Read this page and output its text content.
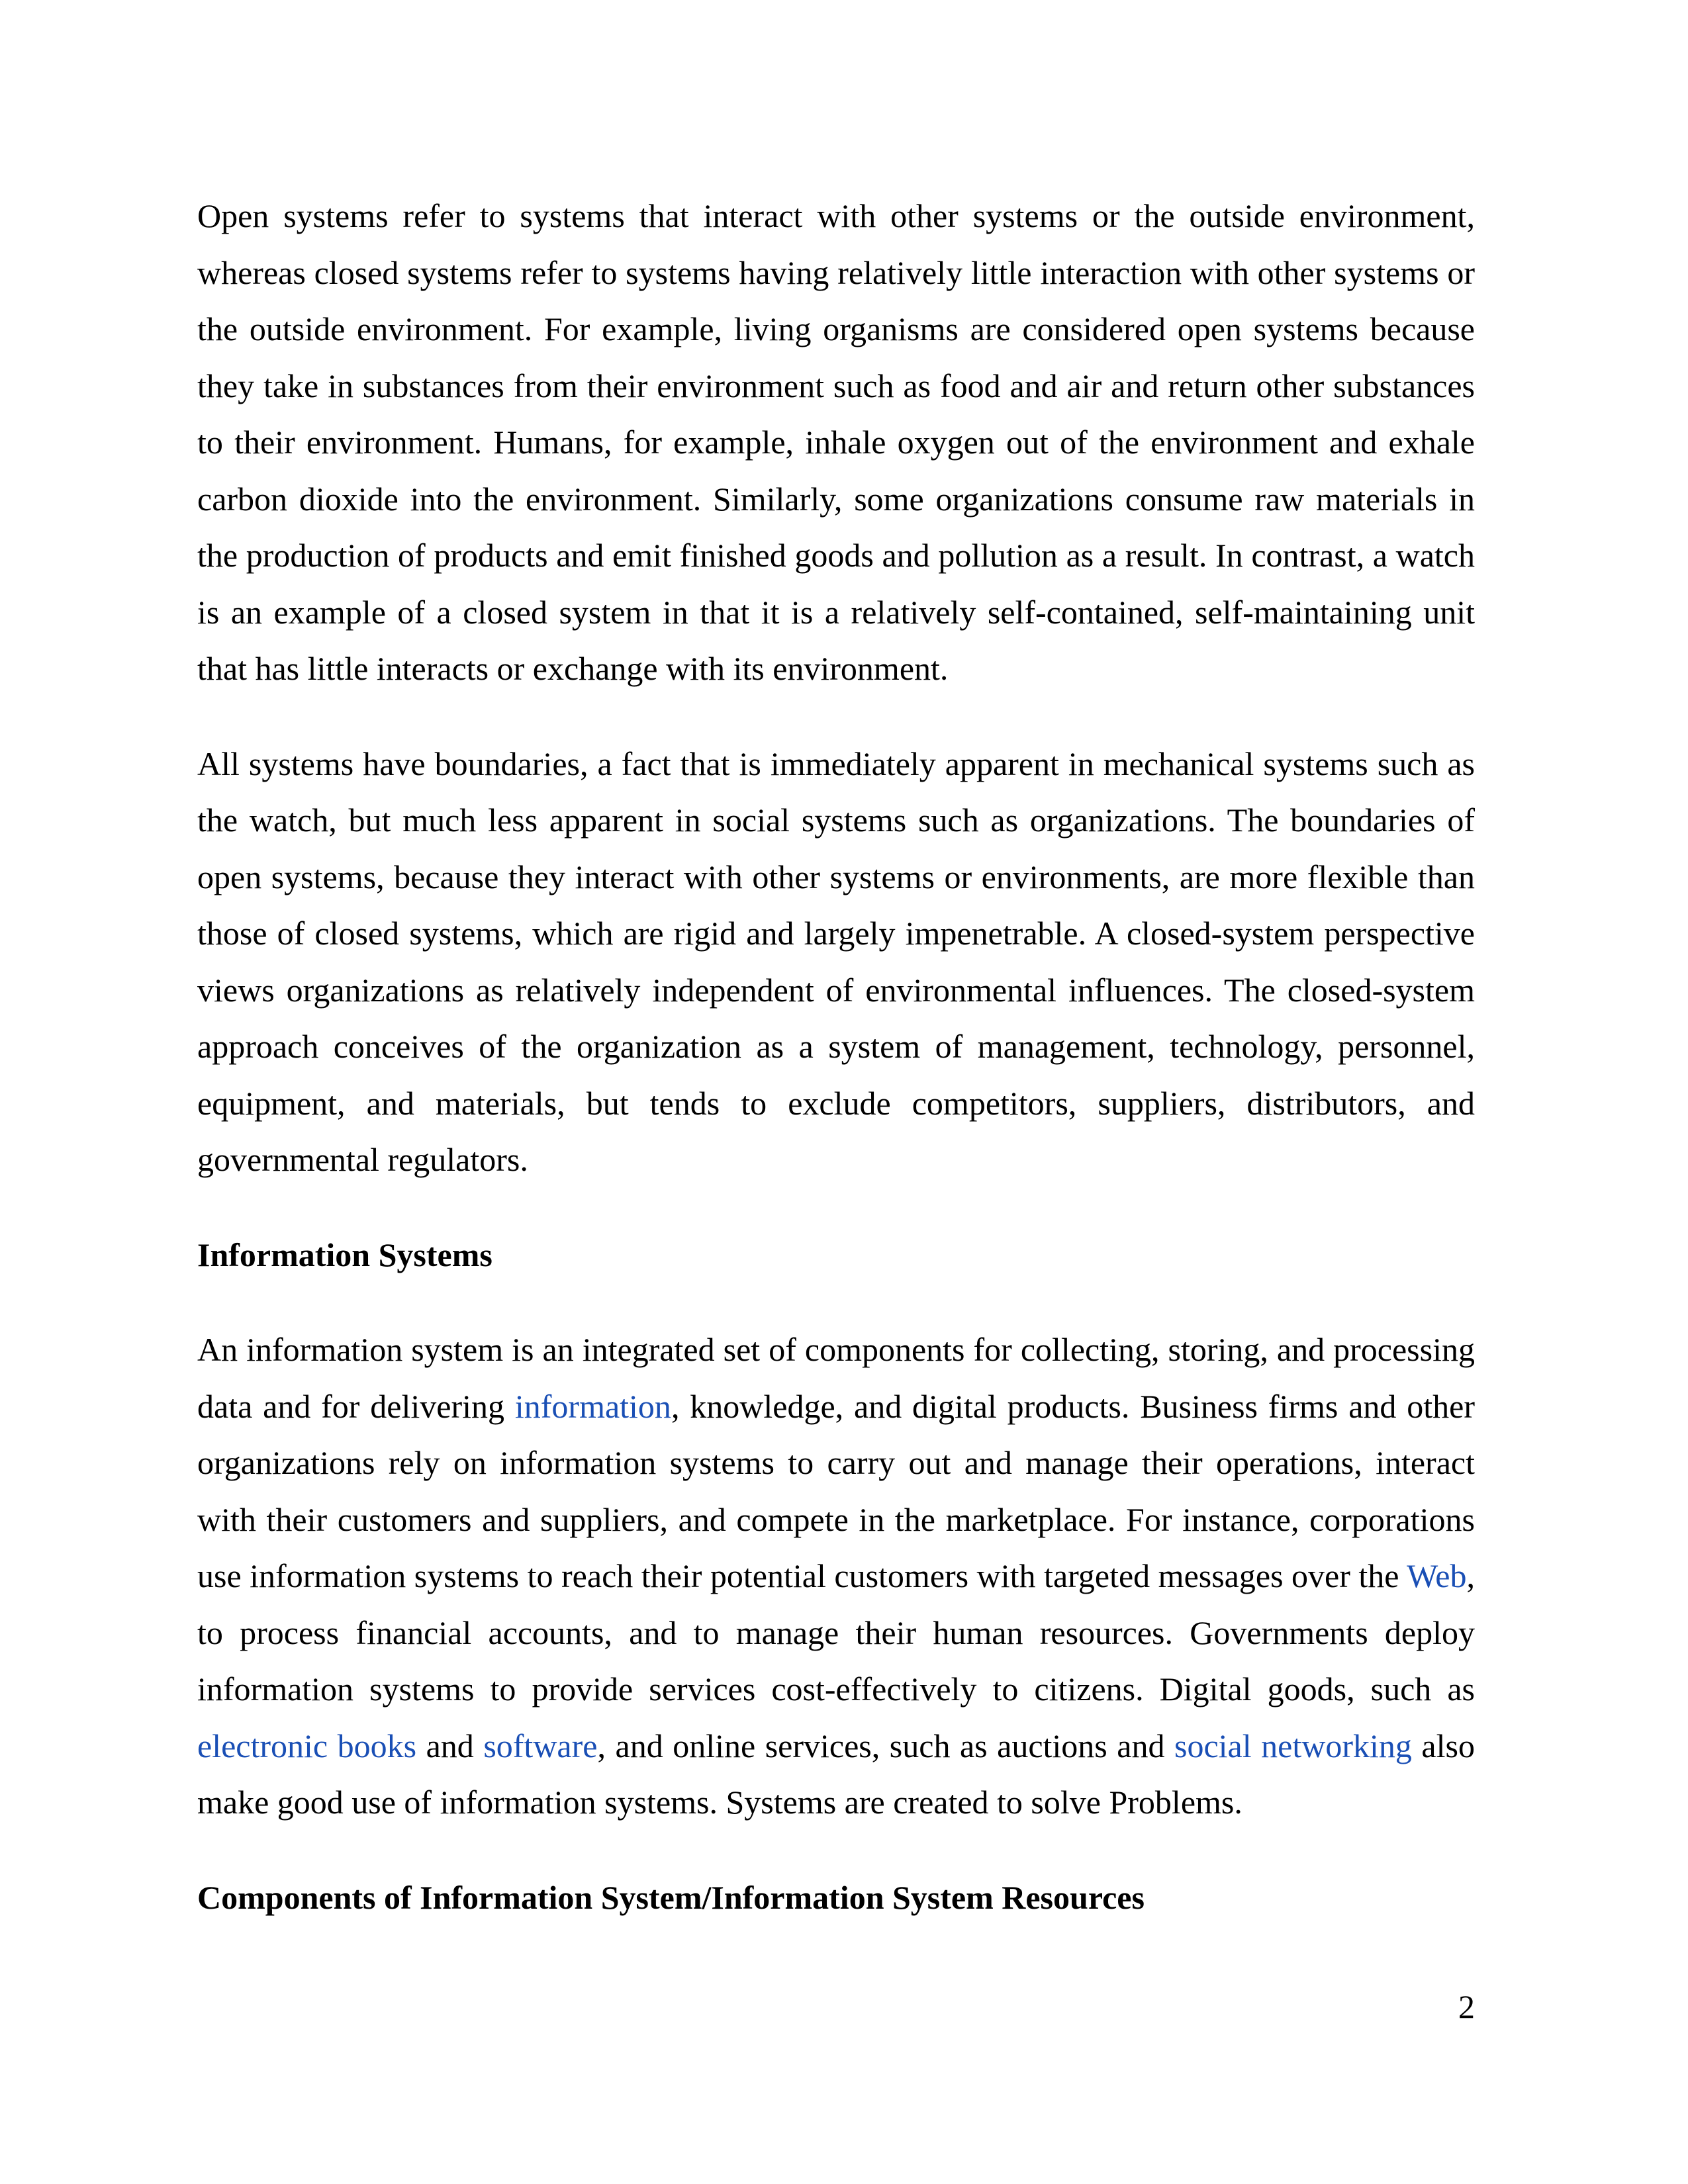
Open systems refer to systems that interact with other systems or the outside environment, whereas closed systems refer to systems having relatively little interaction with other systems or the outside environment. For example, living organisms are considered open systems because they take in substances from their environment such as food and air and return other substances to their environment. Humans, for example, inhale oxygen out of the environment and exhale carbon dioxide into the environment. Similarly, some organizations consume raw materials in the production of products and emit finished goods and pollution as a result. In contrast, a watch is an example of a closed system in that it is a relatively self-contained, self-maintaining unit that has little interacts or exchange with its environment.

All systems have boundaries, a fact that is immediately apparent in mechanical systems such as the watch, but much less apparent in social systems such as organizations. The boundaries of open systems, because they interact with other systems or environments, are more flexible than those of closed systems, which are rigid and largely impenetrable. A closed-system perspective views organizations as relatively independent of environmental influences. The closed-system approach conceives of the organization as a system of management, technology, personnel, equipment, and materials, but tends to exclude competitors, suppliers, distributors, and governmental regulators.

Information Systems

An information system is an integrated set of components for collecting, storing, and processing data and for delivering information, knowledge, and digital products. Business firms and other organizations rely on information systems to carry out and manage their operations, interact with their customers and suppliers, and compete in the marketplace. For instance, corporations use information systems to reach their potential customers with targeted messages over the Web, to process financial accounts, and to manage their human resources. Governments deploy information systems to provide services cost-effectively to citizens. Digital goods, such as electronic books and software, and online services, such as auctions and social networking also make good use of information systems. Systems are created to solve Problems.

Components of Information System/Information System Resources
2
